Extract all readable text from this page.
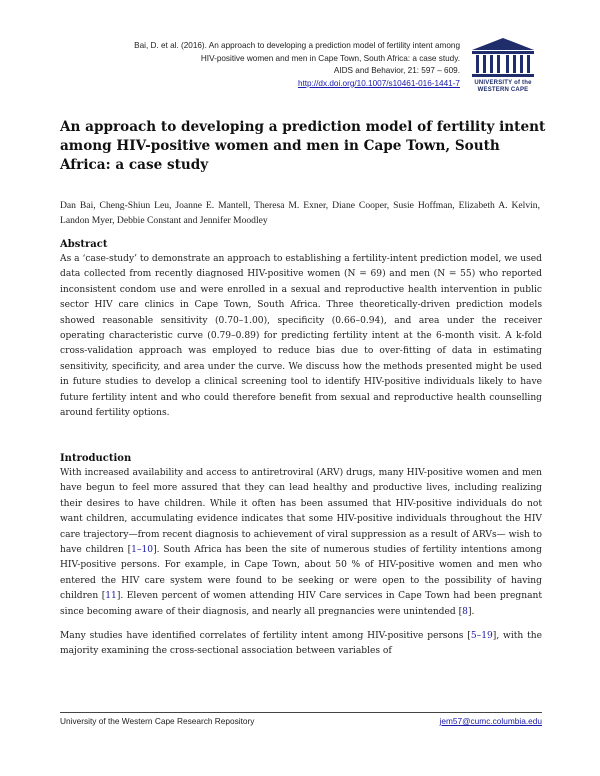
Bai, D. et al. (2016). An approach to developing a prediction model of fertility intent among
HIV-positive women and men in Cape Town, South Africa: a case study.
AIDS and Behavior, 21: 597 – 609.
http://dx.doi.org/10.1007/s10461-016-1441-7	UNIVERSITY of the
WESTERN CAPE
An approach to developing a prediction model of fertility intent among HIV-positive women and men in Cape Town, South Africa: a case study
Dan Bai, Cheng-Shiun Leu, Joanne E. Mantell, Theresa M. Exner, Diane Cooper, Susie Hoffman, Elizabeth A. Kelvin, Landon Myer, Debbie Constant and Jennifer Moodley
Abstract

As a ‘case-study’ to demonstrate an approach to establishing a fertility-intent prediction model, we used data collected from recently diagnosed HIV-positive women (N = 69) and men (N = 55) who reported inconsistent condom use and were enrolled in a sexual and reproductive health intervention in public sector HIV care clinics in Cape Town, South Africa. Three theoretically-driven prediction models showed reasonable sensitivity (0.70–1.00), specificity (0.66–0.94), and area under the receiver operating characteristic curve (0.79–0.89) for predicting fertility intent at the 6-month visit. A k-fold cross-validation approach was employed to reduce bias due to over-fitting of data in estimating sensitivity, specificity, and area under the curve. We discuss how the methods presented might be used in future studies to develop a clinical screening tool to identify HIV-positive individuals likely to have future fertility intent and who could therefore benefit from sexual and reproductive health counselling around fertility options.

Introduction

With increased availability and access to antiretroviral (ARV) drugs, many HIV-positive women and men have begun to feel more assured that they can lead healthy and productive lives, including realizing their desires to have children. While it often has been assumed that HIV-positive individuals do not want children, accumulating evidence indicates that some HIV-positive individuals throughout the HIV care trajectory—from recent diagnosis to achievement of viral suppression as a result of ARVs— wish to have children [1–10]. South Africa has been the site of numerous studies of fertility intentions among HIV-positive persons. For example, in Cape Town, about 50 % of HIV-positive women and men who entered the HIV care system were found to be seeking or were open to the possibility of having children [11]. Eleven percent of women attending HIV Care services in Cape Town had been pregnant since becoming aware of their diagnosis, and nearly all pregnancies were unintended [8].

Many studies have identified correlates of fertility intent among HIV-positive persons [5–19], with the majority examining the cross-sectional association between variables of

University of the Western Cape Research Repository	jem57@cumc.columbia.edu
